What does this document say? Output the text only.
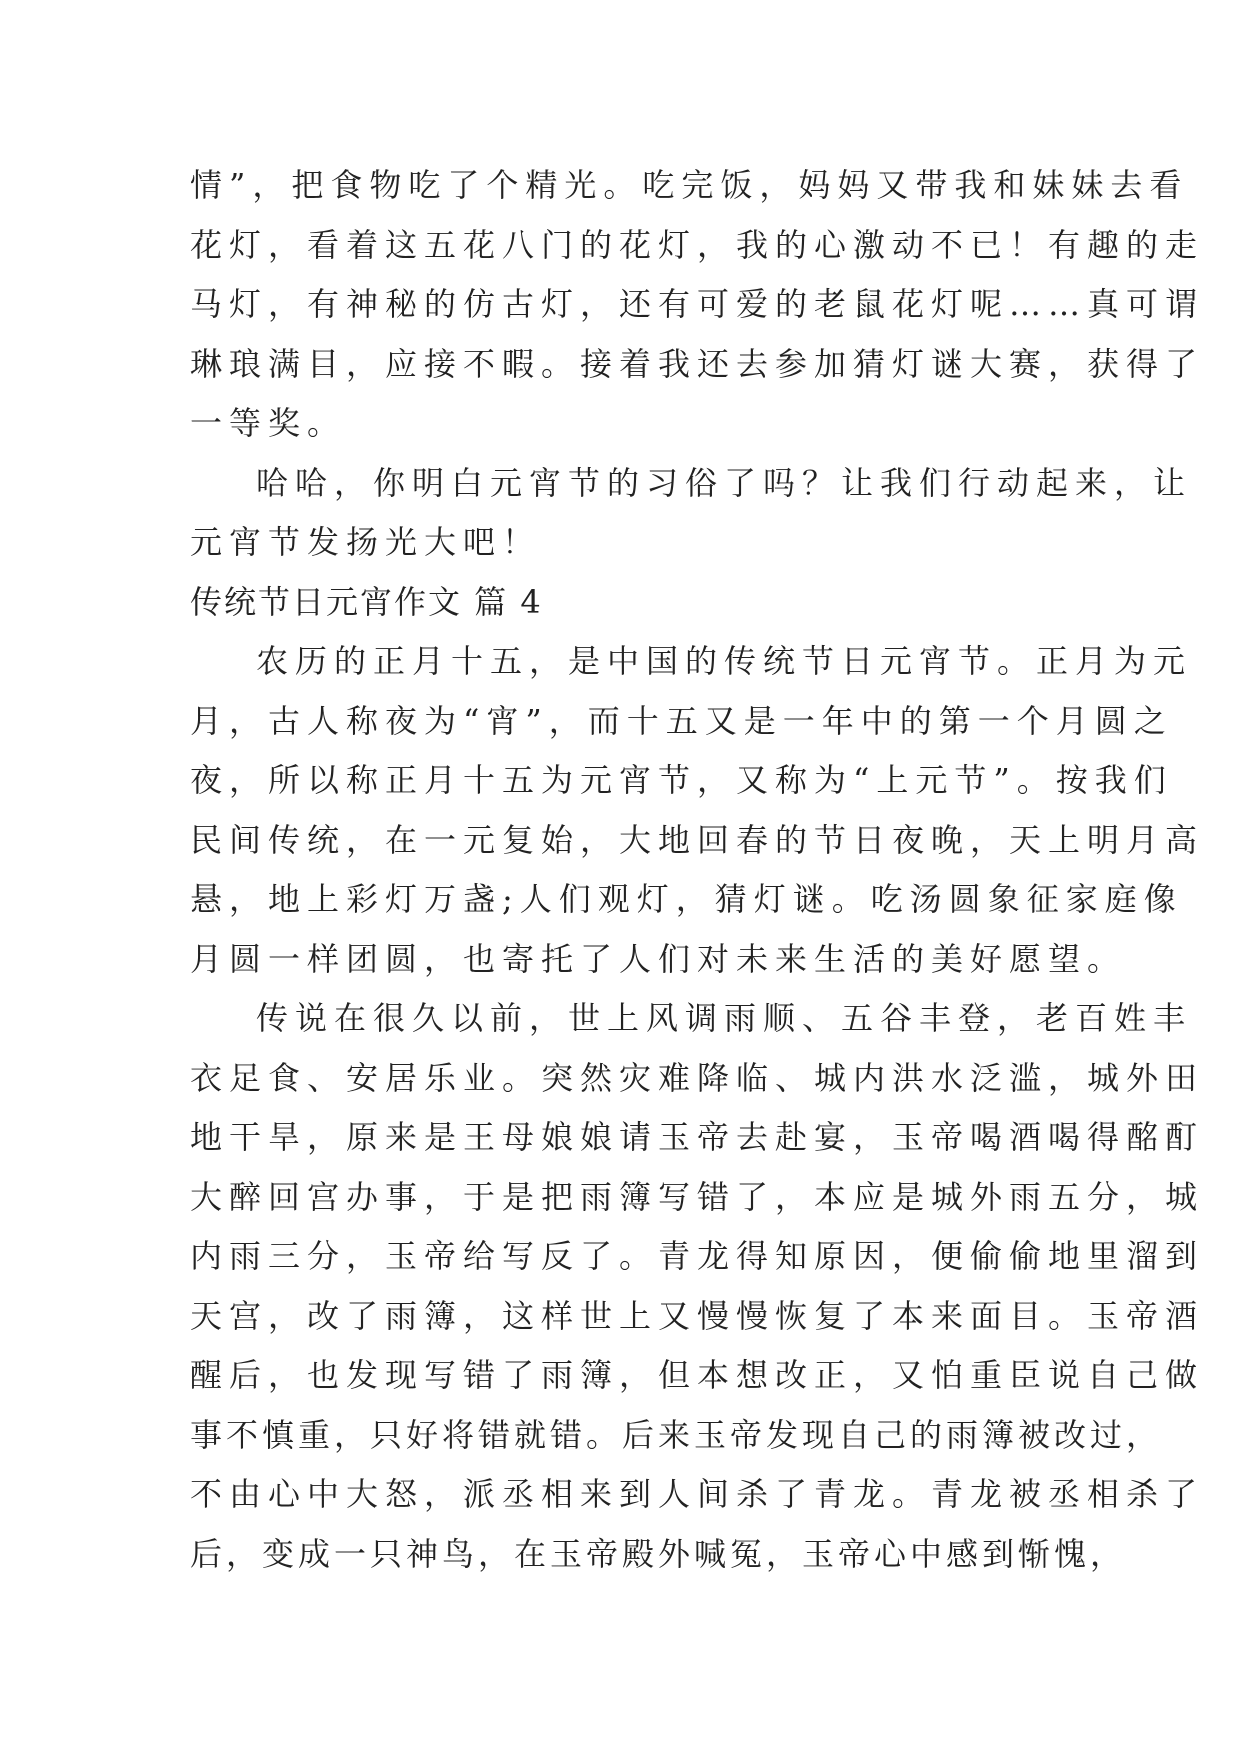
情”，把食物吃了个精光。吃完饭，妈妈又带我和妹妹去看
花灯，看着这五花八门的花灯，我的心激动不已！有趣的走
马灯，有神秘的仿古灯，还有可爱的老鼠花灯呢……真可谓
琳琅满目，应接不暇。接着我还去参加猜灯谜大赛，获得了
一等奖。
哈哈，你明白元宵节的习俗了吗？让我们行动起来，让
元宵节发扬光大吧！
传统节日元宵作文 篇 4
农历的正月十五，是中国的传统节日元宵节。正月为元
月，古人称夜为“宵”，而十五又是一年中的第一个月圆之
夜，所以称正月十五为元宵节，又称为“上元节”。按我们
民间传统，在一元复始，大地回春的节日夜晚，天上明月高
悬，地上彩灯万盏;人们观灯，猜灯谜。吃汤圆象征家庭像
月圆一样团圆，也寄托了人们对未来生活的美好愿望。
传说在很久以前，世上风调雨顺、五谷丰登，老百姓丰
衣足食、安居乐业。突然灾难降临、城内洪水泛滥，城外田
地干旱，原来是王母娘娘请玉帝去赴宴，玉帝喝酒喝得酩酊
大醉回宫办事，于是把雨簿写错了，本应是城外雨五分，城
内雨三分，玉帝给写反了。青龙得知原因，便偷偷地里溜到
天宫，改了雨簿，这样世上又慢慢恢复了本来面目。玉帝酒
醒后，也发现写错了雨簿，但本想改正，又怕重臣说自己做
事不慎重，只好将错就错。后来玉帝发现自己的雨簿被改过，
不由心中大怒，派丞相来到人间杀了青龙。青龙被丞相杀了
后，变成一只神鸟，在玉帝殿外喊冤，玉帝心中感到惭愧，
